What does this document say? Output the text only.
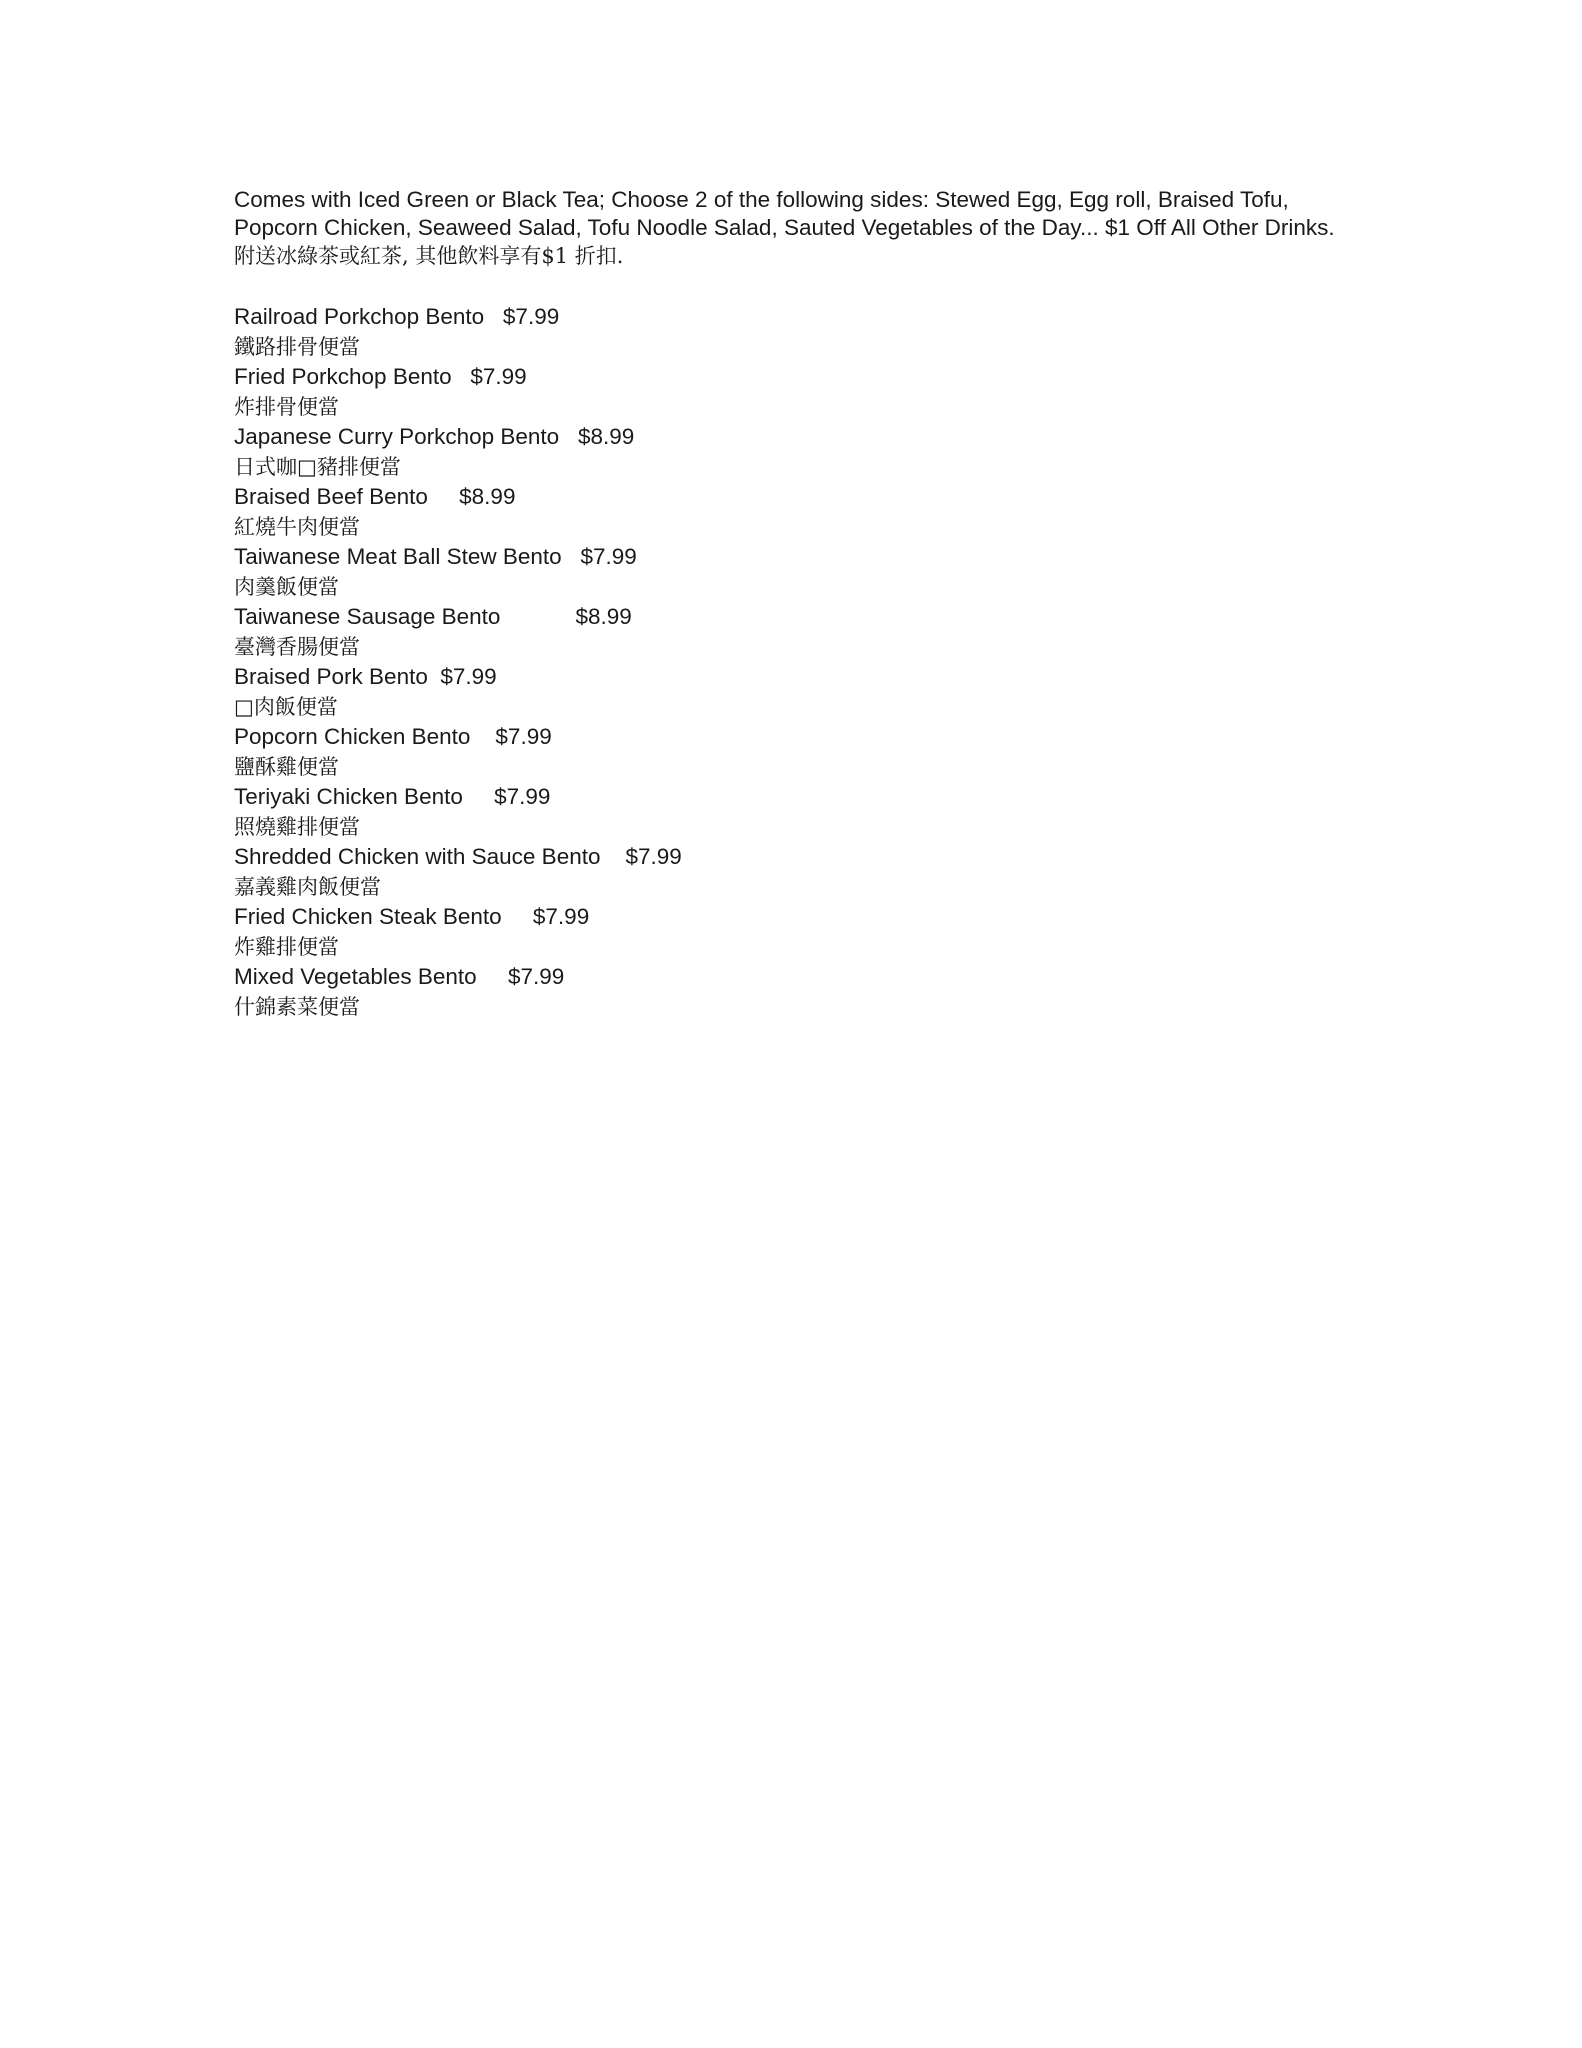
Comes with Iced Green or Black Tea; Choose 2 of the following sides: Stewed Egg, Egg roll, Braised Tofu, Popcorn Chicken, Seaweed Salad, Tofu Noodle Salad, Sauted Vegetables of the Day... $1 Off All Other Drinks. 附送冰綠茶或紅茶, 其他飲料享有$1 折扣.

Railroad Porkchop Bento $7.99
鐵路排骨便當
Fried Porkchop Bento $7.99
炸排骨便當
Japanese Curry Porkchop Bento $8.99
日式咖□豬排便當
Braised Beef Bento $8.99
紅燒牛肉便當
Taiwanese Meat Ball Stew Bento $7.99
肉羹飯便當
Taiwanese Sausage Bento	$8.99
臺灣香腸便當
Braised Pork Bento $7.99
□肉飯便當
Popcorn Chicken Bento $7.99
鹽酥雞便當
Teriyaki Chicken Bento $7.99
照燒雞排便當
Shredded Chicken with Sauce Bento $7.99
嘉義雞肉飯便當
Fried Chicken Steak Bento $7.99
炸雞排便當
Mixed Vegetables Bento $7.99
什錦素菜便當
